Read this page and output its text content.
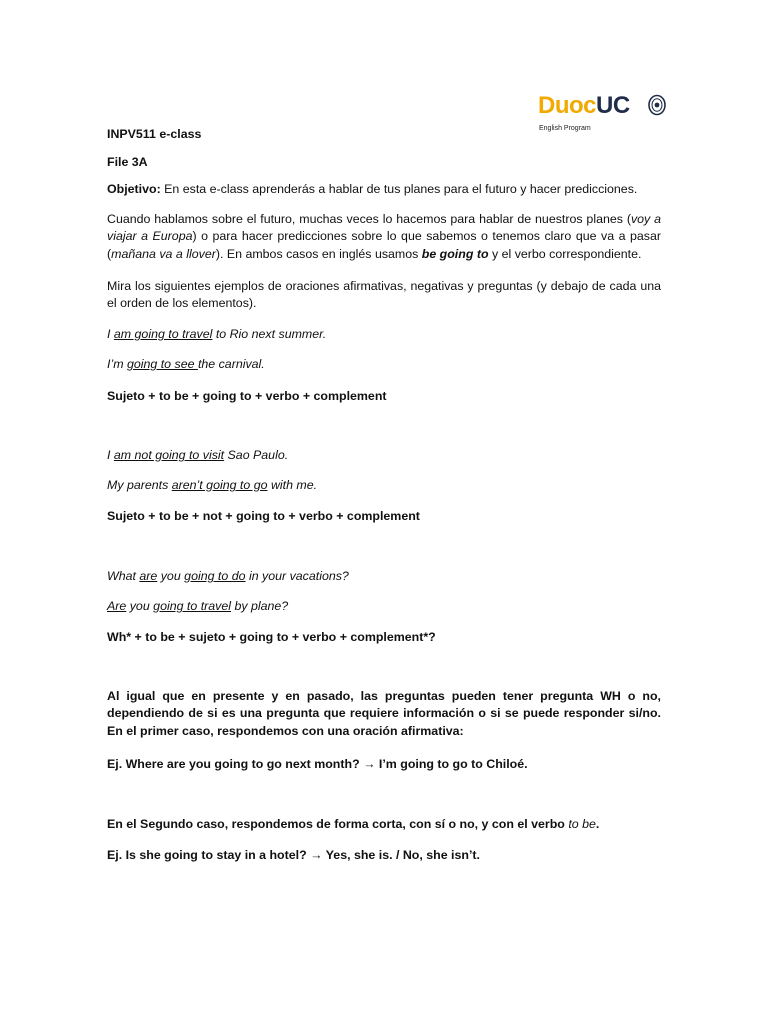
DuocUC
English Program

INPV511 e-class

File 3A

Objetivo: En esta e-class aprenderás a hablar de tus planes para el futuro y hacer predicciones.

Cuando hablamos sobre el futuro, muchas veces lo hacemos para hablar de nuestros planes (voy a viajar a Europa) o para hacer predicciones sobre lo que sabemos o tenemos claro que va a pasar (mañana va a llover). En ambos casos en inglés usamos be going to y el verbo correspondiente.

Mira los siguientes ejemplos de oraciones afirmativas, negativas y preguntas (y debajo de cada una el orden de los elementos).

I am going to travel to Rio next summer.

I’m going to see the carnival.

Sujeto + to be + going to + verbo + complement

I am not going to visit Sao Paulo.

My parents aren’t going to go with me.

Sujeto + to be + not + going to + verbo + complement

What are you going to do in your vacations?

Are you going to travel by plane?

Wh* + to be + sujeto + going to + verbo + complement*?

Al igual que en presente y en pasado, las preguntas pueden tener pregunta WH o no, dependiendo de si es una pregunta que requiere información o si se puede responder si/no. En el primer caso, respondemos con una oración afirmativa:

Ej. Where are you going to go next month? → I’m going to go to Chiloé.

En el Segundo caso, respondemos de forma corta, con sí o no, y con el verbo to be.

Ej. Is she going to stay in a hotel? → Yes, she is. / No, she isn’t.
